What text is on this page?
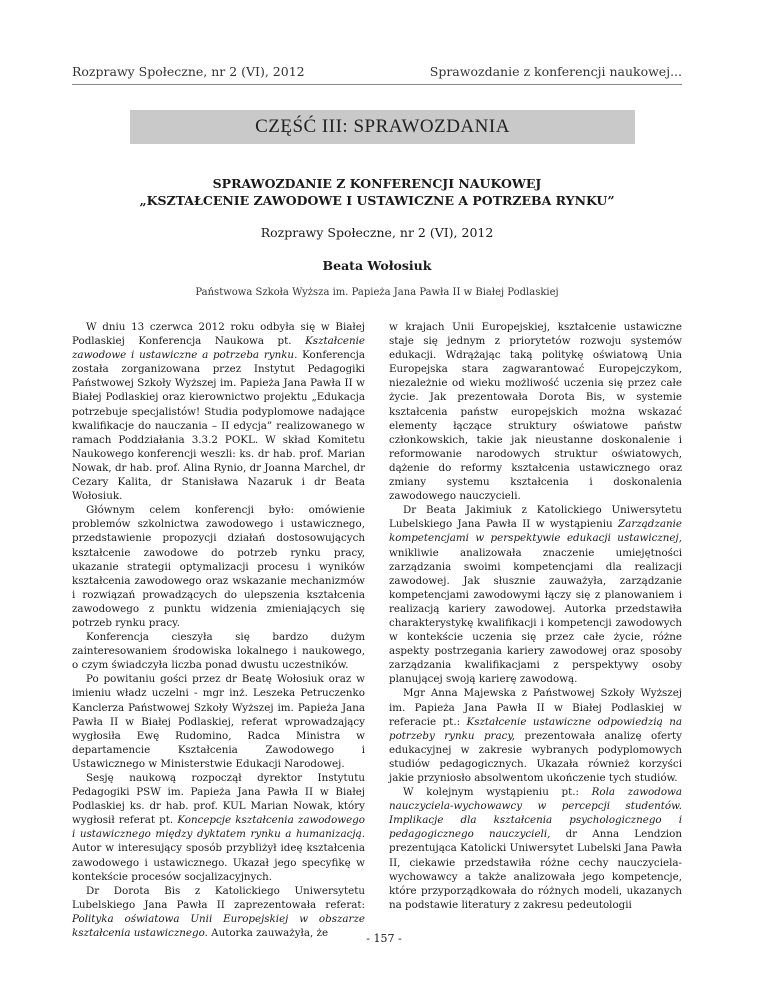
Rozprawy Społeczne, nr 2 (VI), 2012	Sprawozdanie z konferencji naukowej...
CZĘŚĆ III: SPRAWOZDANIA
SPRAWOZDANIE Z KONFERENCJI NAUKOWEJ
„KSZTAŁCENIE ZAWODOWE I USTAWICZNE A POTRZEBA RYNKU”
Rozprawy Społeczne, nr 2 (VI), 2012
Beata Wołosiuk
Państwowa Szkoła Wyższa im. Papieża Jana Pawła II w Białej Podlaskiej

W dniu 13 czerwca 2012 roku odbyła się w Białej Podlaskiej Konferencja Naukowa pt. Kształcenie zawodowe i ustawiczne a potrzeba rynku. Konferencja została zorganizowana przez Instytut Pedagogiki Państwowej Szkoły Wyższej im. Papieża Jana Pawła II w Białej Podlaskiej oraz kierownictwo projektu „Edukacja potrzebuje specjalistów! Studia podyplomowe nadające kwalifikacje do nauczania – II edycja” realizowanego w ramach Poddziałania 3.3.2 POKL. W skład Komitetu Naukowego konferencji weszli: ks. dr hab. prof. Marian Nowak, dr hab. prof. Alina Rynio, dr Joanna Marchel, dr Cezary Kalita, dr Stanisława Nazaruk i dr Beata Wołosiuk.

Głównym celem konferencji było: omówienie problemów szkolnictwa zawodowego i ustawicznego, przedstawienie propozycji działań dostosowujących kształcenie zawodowe do potrzeb rynku pracy, ukazanie strategii optymalizacji procesu i wyników kształcenia zawodowego oraz wskazanie mechanizmów i rozwiązań prowadzących do ulepszenia kształcenia zawodowego z punktu widzenia zmieniających się potrzeb rynku pracy.

Konferencja cieszyła się bardzo dużym zainteresowaniem środowiska lokalnego i naukowego, o czym świadczyła liczba ponad dwustu uczestników.

Po powitaniu gości przez dr Beatę Wołosiuk oraz w imieniu władz uczelni - mgr inż. Leszeka Petruczenko Kanclerza Państwowej Szkoły Wyższej im. Papieża Jana Pawła II w Białej Podlaskiej, referat wprowadzający wygłosiła Ewę Rudomino, Radca Ministra w departamencie Kształcenia Zawodowego i Ustawicznego w Ministerstwie Edukacji Narodowej.

Sesję naukową rozpoczął dyrektor Instytutu Pedagogiki PSW im. Papieża Jana Pawła II w Białej Podlaskiej ks. dr hab. prof. KUL Marian Nowak, który wygłosił referat pt. Koncepcje kształcenia zawodowego i ustawicznego między dyktatem rynku a humanizacją. Autor w interesujący sposób przybliżył ideę kształcenia zawodowego i ustawicznego. Ukazał jego specyfikę w kontekście procesów socjalizacyjnych.

Dr Dorota Bis z Katolickiego Uniwersytetu Lubelskiego Jana Pawła II zaprezentowała referat: Polityka oświatowa Unii Europejskiej w obszarze kształcenia ustawicznego. Autorka zauważyła, że

w krajach Unii Europejskiej, kształcenie ustawiczne staje się jednym z priorytetów rozwoju systemów edukacji. Wdrążając taką politykę oświatową Unia Europejska stara zagwarantować Europejczykom, niezależnie od wieku możliwość uczenia się przez całe życie. Jak prezentowała Dorota Bis, w systemie kształcenia państw europejskich można wskazać elementy łączące struktury oświatowe państw członkowskich, takie jak nieustanne doskonalenie i reformowanie narodowych struktur oświatowych, dążenie do reformy kształcenia ustawicznego oraz zmiany systemu kształcenia i doskonalenia zawodowego nauczycieli.

Dr Beata Jakimiuk z Katolickiego Uniwersytetu Lubelskiego Jana Pawła II w wystąpieniu Zarządzanie kompetencjami w perspektywie edukacji ustawicznej, wnikliwie analizowała znaczenie umiejętności zarządzania swoimi kompetencjami dla realizacji zawodowej. Jak słusznie zauważyła, zarządzanie kompetencjami zawodowymi łączy się z planowaniem i realizacją kariery zawodowej. Autorka przedstawiła charakterystykę kwalifikacji i kompetencji zawodowych w kontekście uczenia się przez całe życie, różne aspekty postrzegania kariery zawodowej oraz sposoby zarządzania kwalifikacjami z perspektywy osoby planującej swoją karierę zawodową.

Mgr Anna Majewska z Państwowej Szkoły Wyższej im. Papieża Jana Pawła II w Białej Podlaskiej w referacie pt.: Kształcenie ustawiczne odpowiedzią na potrzeby rynku pracy, prezentowała analizę oferty edukacyjnej w zakresie wybranych podyplomowych studiów pedagogicznych. Ukazała również korzyści jakie przyniosło absolwentom ukończenie tych studiów.

W kolejnym wystąpieniu pt.: Rola zawodowa nauczyciela-wychowawcy w percepcji studentów. Implikacje dla kształcenia psychologicznego i pedagogicznego nauczycieli, dr Anna Lendzion prezentująca Katolicki Uniwersytet Lubelski Jana Pawła II, ciekawie przedstawiła różne cechy nauczyciela- wychowawcy a także analizowała jego kompetencje, które przyporządkowała do różnych modeli, ukazanych na podstawie literatury z zakresu pedeutologii

- 157 -
